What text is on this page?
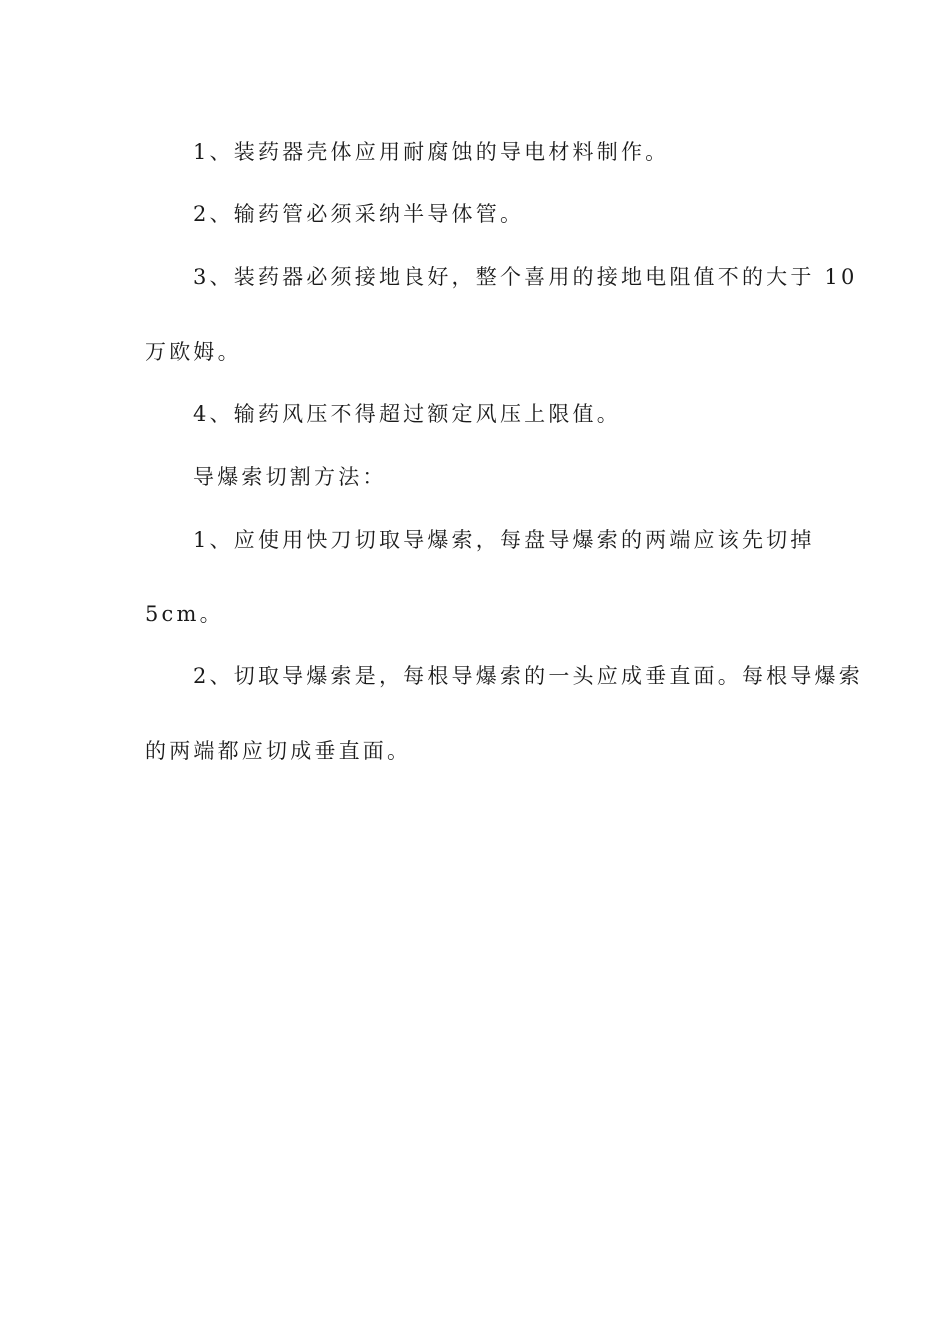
1、装药器壳体应用耐腐蚀的导电材料制作。
2、输药管必须采纳半导体管。
3、装药器必须接地良好，整个喜用的接地电阻值不的大于 10
万欧姆。
4、输药风压不得超过额定风压上限值。
导爆索切割方法：
1、应使用快刀切取导爆索，每盘导爆索的两端应该先切掉
5cm。
2、切取导爆索是，每根导爆索的一头应成垂直面。每根导爆索
的两端都应切成垂直面。
